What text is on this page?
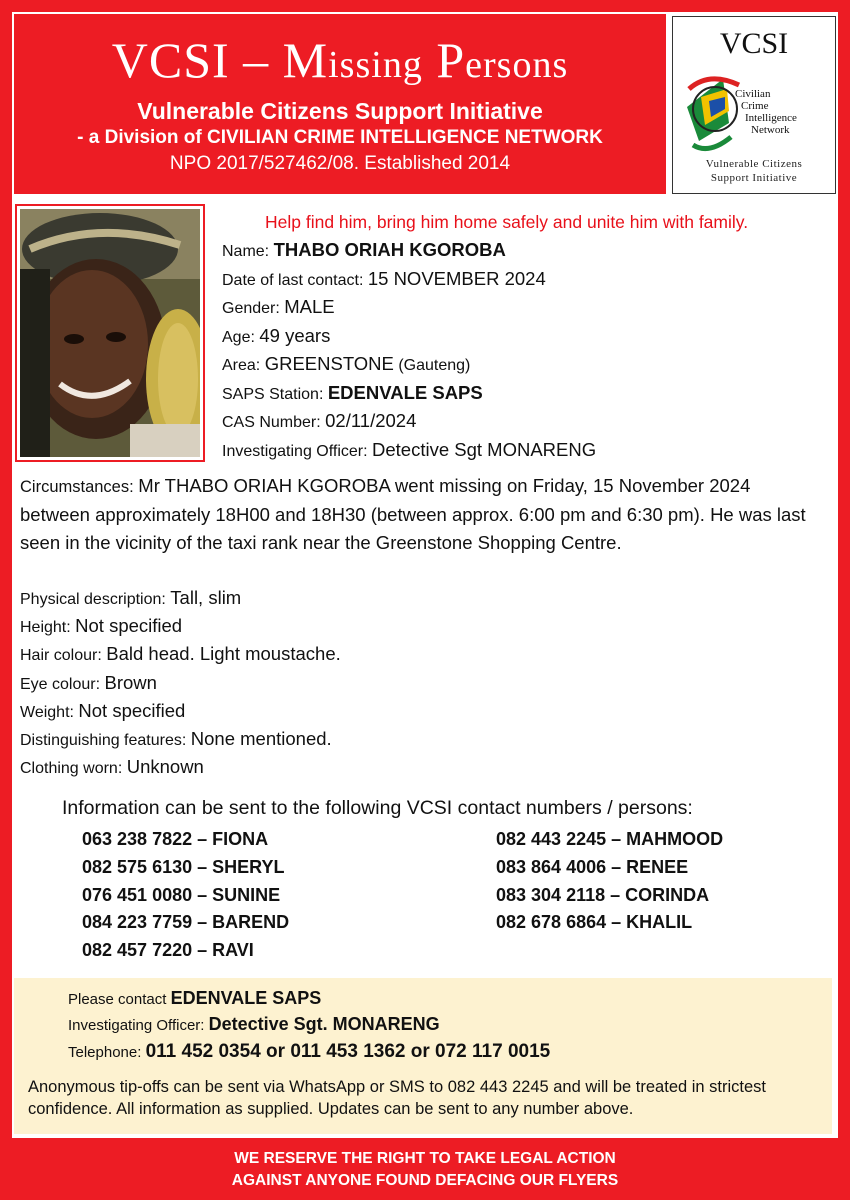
VCSI – Missing Persons
Vulnerable Citizens Support Initiative
- a Division of CIVILIAN CRIME INTELLIGENCE NETWORK
NPO 2017/527462/08. Established 2014
VCSI
Civilian
Crime
Intelligence
Network
Vulnerable Citizens
Support Initiative
Help find him, bring him home safely and unite him with family.
Name: THABO ORIAH KGOROBA
Date of last contact: 15 NOVEMBER 2024
Gender: MALE
Age: 49 years
Area: GREENSTONE (Gauteng)
SAPS Station: EDENVALE SAPS
CAS Number: 02/11/2024
Investigating Officer: Detective Sgt MONARENG
Circumstances: Mr THABO ORIAH KGOROBA went missing on Friday, 15 November 2024 between approximately 18H00 and 18H30 (between approx. 6:00 pm and 6:30 pm). He was last seen in the vicinity of the taxi rank near the Greenstone Shopping Centre.
Physical description: Tall, slim
Height: Not specified
Hair colour: Bald head. Light moustache.
Eye colour: Brown
Weight: Not specified
Distinguishing features: None mentioned.
Clothing worn: Unknown
Information can be sent to the following VCSI contact numbers / persons:
063 238 7822 – FIONA
082 575 6130 – SHERYL
076 451 0080 – SUNINE
084 223 7759 – BAREND
082 457 7220 – RAVI
082 443 2245 – MAHMOOD
083 864 4006 – RENEE
083 304 2118 – CORINDA
082 678 6864 – KHALIL
Please contact EDENVALE SAPS
Investigating Officer: Detective Sgt. MONARENG
Telephone: 011 452 0354 or 011 453 1362 or 072 117 0015
Anonymous tip-offs can be sent via WhatsApp or SMS to 082 443 2245 and will be treated in strictest confidence. All information as supplied. Updates can be sent to any number above.
WE RESERVE THE RIGHT TO TAKE LEGAL ACTION
AGAINST ANYONE FOUND DEFACING OUR FLYERS
